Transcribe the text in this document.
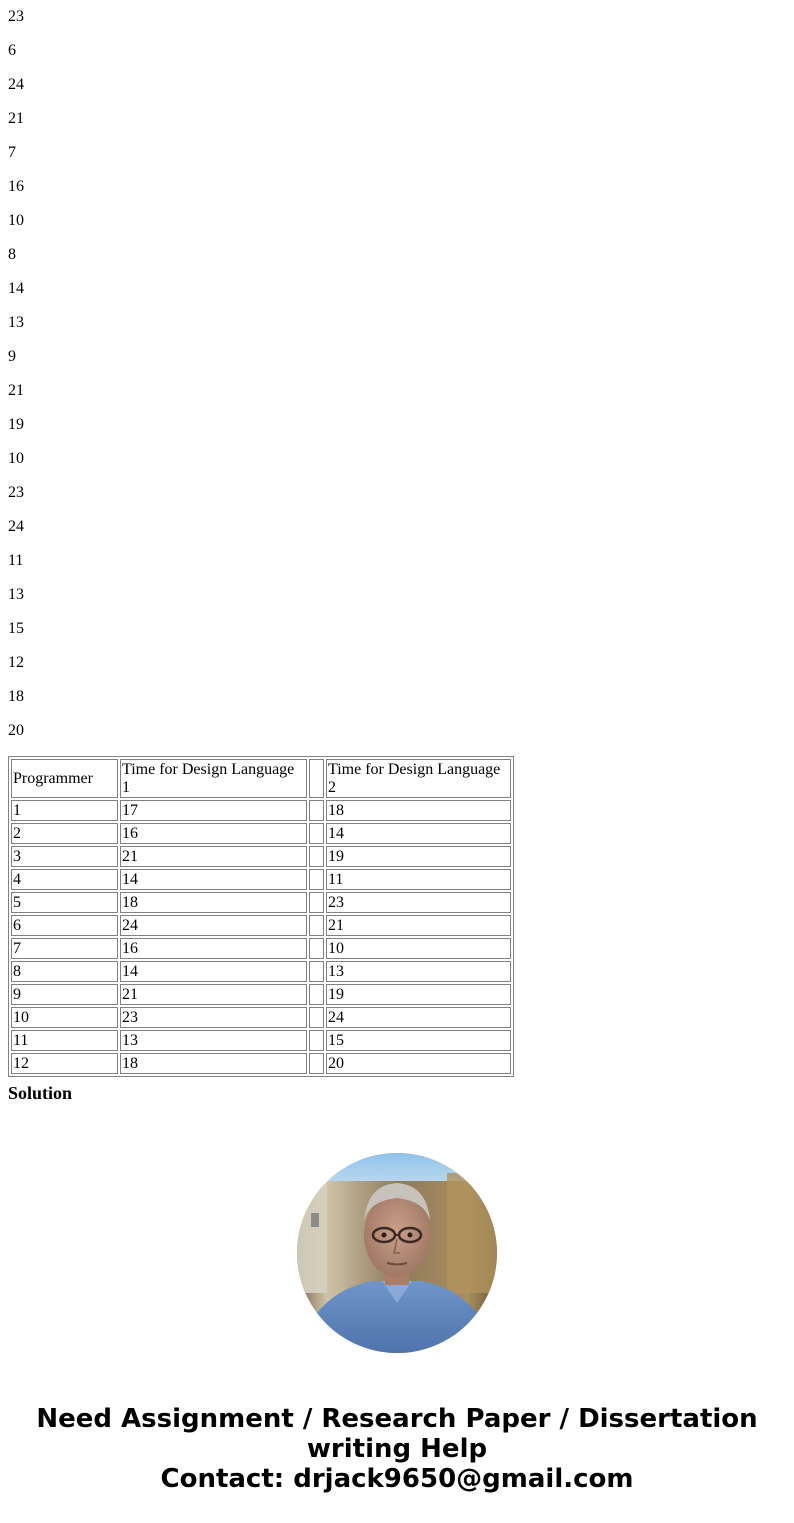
23

6

24

21

7

16

10

8

14

13

9

21

19

10

23

24

11

13

15

12

18

20

Programmer	Time for Design Language 1		Time for Design Language 2
1	17		18
2	16		14
3	21		19
4	14		11
5	18		23
6	24		21
7	16		10
8	14		13
9	21		19
10	23		24
11	13		15
12	18		20
Solution
Need Assignment / Research Paper / Dissertation
writing Help
Contact: drjack9650@gmail.com
